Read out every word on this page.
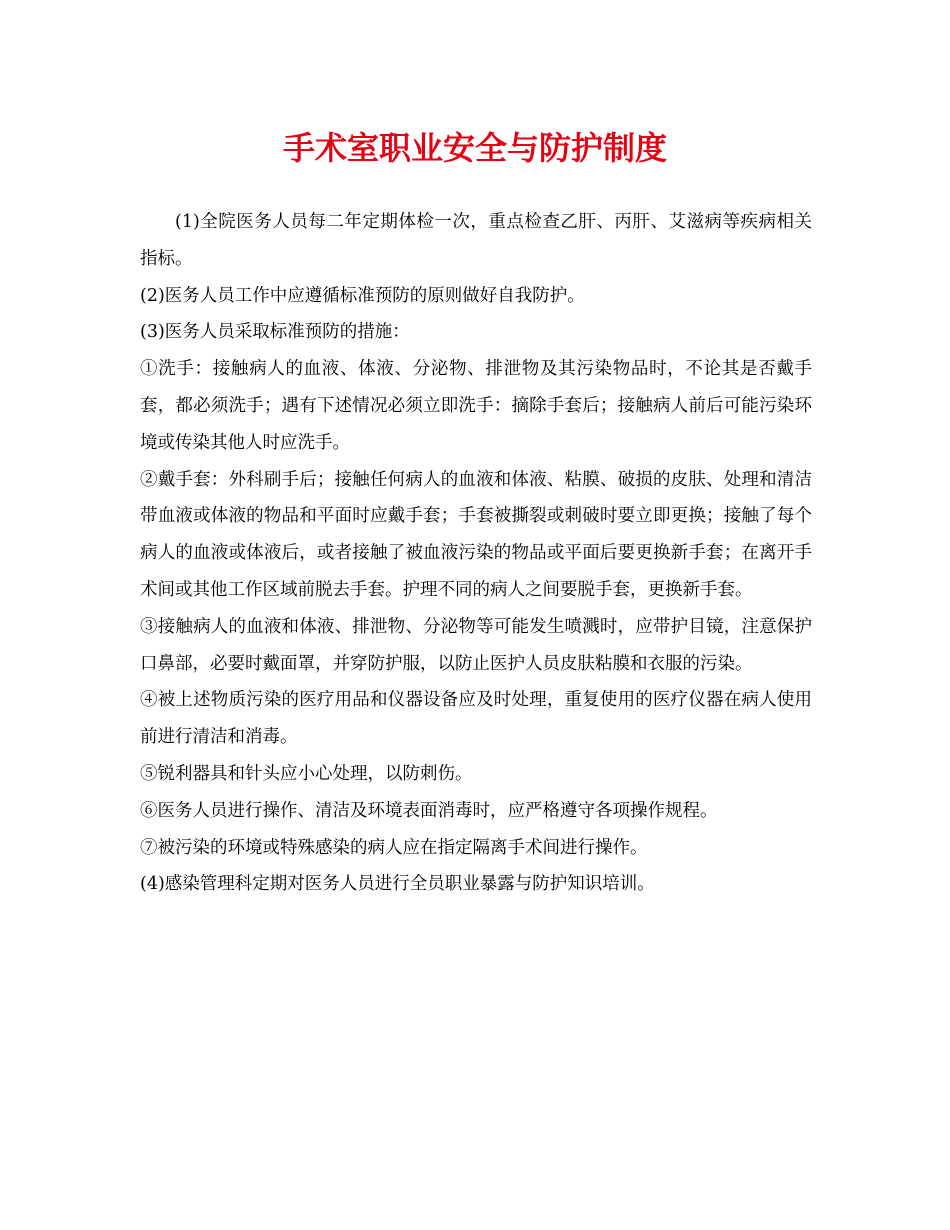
手术室职业安全与防护制度

(1)全院医务人员每二年定期体检一次，重点检查乙肝、丙肝、艾滋病等疾病相关指标。

(2)医务人员工作中应遵循标准预防的原则做好自我防护。

(3)医务人员采取标准预防的措施：

①洗手：接触病人的血液、体液、分泌物、排泄物及其污染物品时，不论其是否戴手套，都必须洗手；遇有下述情况必须立即洗手：摘除手套后；接触病人前后可能污染环境或传染其他人时应洗手。

②戴手套：外科刷手后；接触任何病人的血液和体液、粘膜、破损的皮肤、处理和清洁带血液或体液的物品和平面时应戴手套；手套被撕裂或刺破时要立即更换；接触了每个病人的血液或体液后，或者接触了被血液污染的物品或平面后要更换新手套；在离开手术间或其他工作区域前脱去手套。护理不同的病人之间要脱手套，更换新手套。

③接触病人的血液和体液、排泄物、分泌物等可能发生喷溅时，应带护目镜，注意保护口鼻部，必要时戴面罩，并穿防护服，以防止医护人员皮肤粘膜和衣服的污染。

④被上述物质污染的医疗用品和仪器设备应及时处理，重复使用的医疗仪器在病人使用前进行清洁和消毒。

⑤锐利器具和针头应小心处理，以防刺伤。

⑥医务人员进行操作、清洁及环境表面消毒时，应严格遵守各项操作规程。

⑦被污染的环境或特殊感染的病人应在指定隔离手术间进行操作。

(4)感染管理科定期对医务人员进行全员职业暴露与防护知识培训。
